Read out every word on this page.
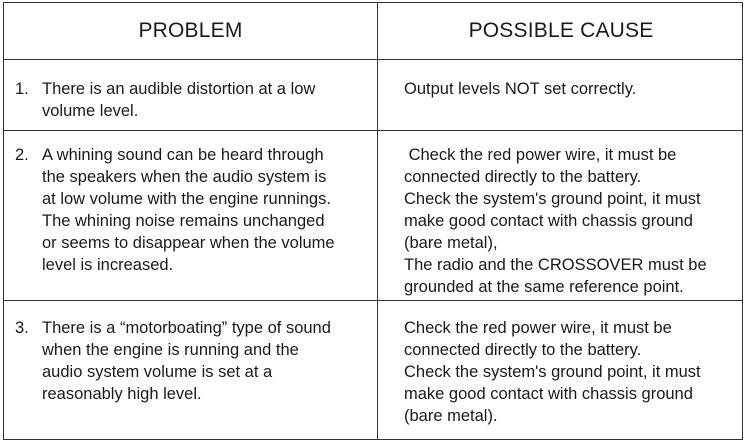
PROBLEM	POSSIBLE CAUSE
1. There is an audible distortion at a low
volume level.
Output levels NOT set correctly.
2. A whining sound can be heard through
the speakers when the audio system is
at low volume with the engine runnings.
The whining noise remains unchanged
or seems to disappear when the volume
level is increased.
Check the red power wire, it must be
connected directly to the battery.
Check the system's ground point, it must
make good contact with chassis ground
(bare metal),
The radio and the CROSSOVER must be
grounded at the same reference point.
3. There is a “motorboating” type of sound
when the engine is running and the
audio system volume is set at a
reasonably high level.
Check the red power wire, it must be
connected directly to the battery.
Check the system's ground point, it must
make good contact with chassis ground
(bare metal).
